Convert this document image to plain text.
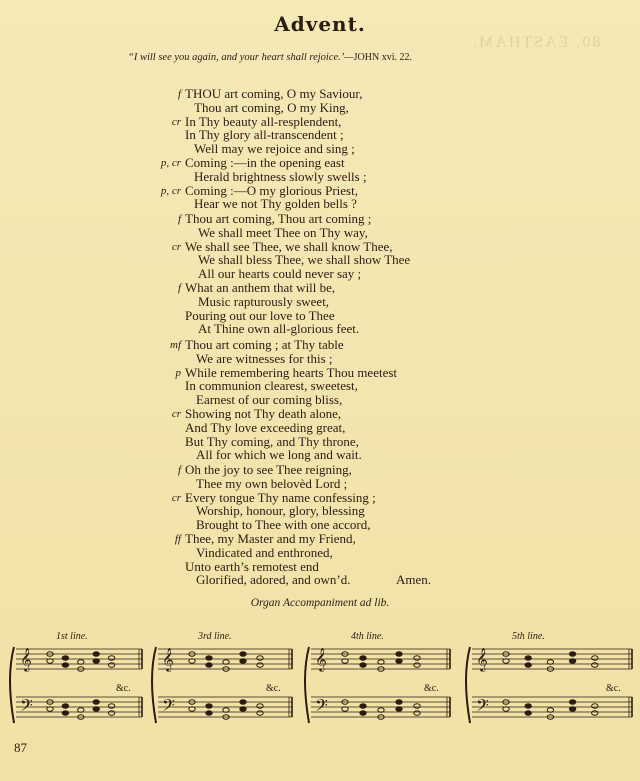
80. EASTHAM.
Advent.
“I will see you again, and your heart shall rejoice.’—JOHN xvi. 22.
f THOU art coming, O my Saviour,
Thou art coming, O my King,
cr In Thy beauty all-resplendent,
In Thy glory all-transcendent ;
Well may we rejoice and sing ;
p, cr Coming :—in the opening east
Herald brightness slowly swells ;
p, cr Coming :—O my glorious Priest,
Hear we not Thy golden bells ?
f Thou art coming, Thou art coming ;
We shall meet Thee on Thy way,
cr We shall see Thee, we shall know Thee,
We shall bless Thee, we shall show Thee
All our hearts could never say ;
f What an anthem that will be,
Music rapturously sweet,
Pouring out our love to Thee
At Thine own all-glorious feet.
mf Thou art coming ; at Thy table
We are witnesses for this ;
p While remembering hearts Thou meetest
In communion clearest, sweetest,
Earnest of our coming bliss,
cr Showing not Thy death alone,
And Thy love exceeding great,
But Thy coming, and Thy throne,
All for which we long and wait.
f Oh the joy to see Thee reigning,
Thee my own belovèd Lord ;
cr Every tongue Thy name confessing ;
Worship, honour, glory, blessing
Brought to Thee with one accord,
ff Thee, my Master and my Friend,
Vindicated and enthroned,
Unto earth’s remotest end
Glorified, adored, and own’d.	Amen.
Organ Accompaniment ad lib.
𝄞
𝄢
1st line.
&c.
𝄞
𝄢
3rd line.
&c.
𝄞
𝄢
4th line.
&c.
𝄞
𝄢
5th line.
&c.
87
